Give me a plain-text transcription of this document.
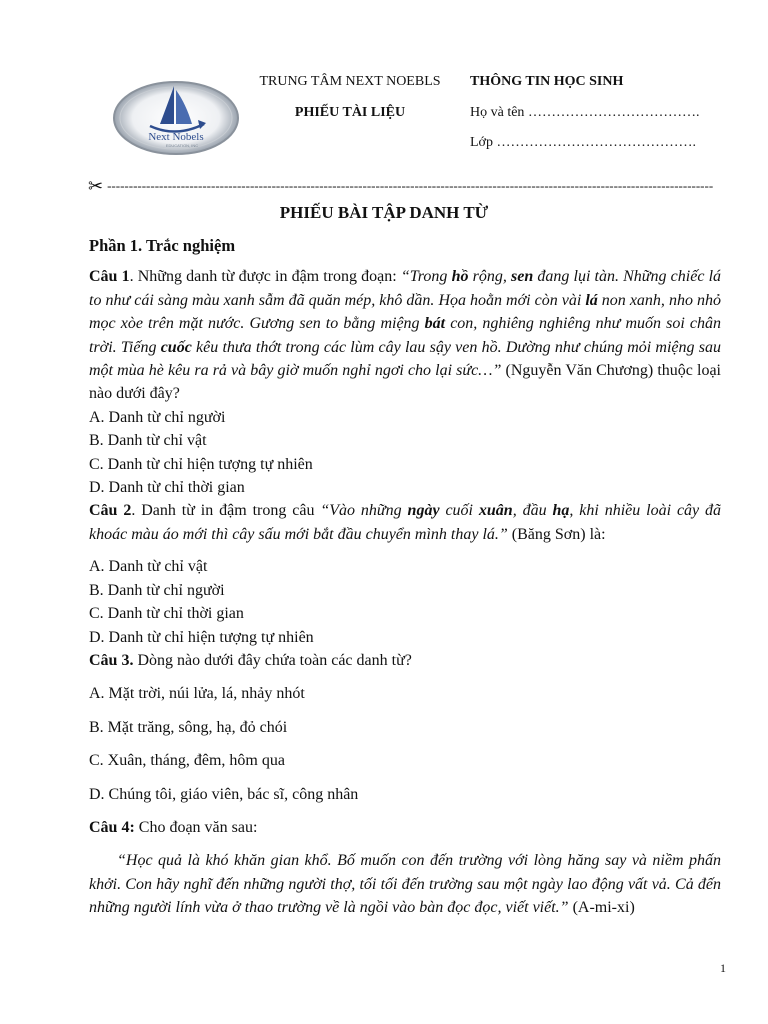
Next Nobels
EDUCATION, INC
TRUNG TÂM NEXT NOEBLS
PHIẾU TÀI LIỆU
THÔNG TIN HỌC SINH
Họ và tên ……………………………….
Lớp …………………………………….
✂ --------------------------------------------------------------------------------------------------------------------------------------------
PHIẾU BÀI TẬP DANH TỪ

Phần 1. Trắc nghiệm

Câu 1. Những danh từ được in đậm trong đoạn: “Trong hồ rộng, sen đang lụi tàn. Những chiếc lá to như cái sàng màu xanh sẫm đã quăn mép, khô dần. Họa hoằn mới còn vài lá non xanh, nho nhỏ mọc xòe trên mặt nước. Gương sen to bằng miệng bát con, nghiêng nghiêng như muốn soi chân trời. Tiếng cuốc kêu thưa thớt trong các lùm cây lau sậy ven hồ. Dường như chúng mỏi miệng sau một mùa hè kêu ra rả và bây giờ muốn nghỉ ngơi cho lại sức…” (Nguyễn Văn Chương) thuộc loại nào dưới đây?

A. Danh từ chỉ người

B. Danh từ chỉ vật

C. Danh từ chỉ hiện tượng tự nhiên

D. Danh từ chỉ thời gian

Câu 2. Danh từ in đậm trong câu “Vào những ngày cuối xuân, đầu hạ, khi nhiều loài cây đã khoác màu áo mới thì cây sấu mới bắt đầu chuyển mình thay lá.” (Băng Sơn) là:

A. Danh từ chỉ vật

B. Danh từ chỉ người

C. Danh từ chỉ thời gian

D. Danh từ chỉ hiện tượng tự nhiên

Câu 3. Dòng nào dưới đây chứa toàn các danh từ?

A. Mặt trời, núi lửa, lá, nhảy nhót

B. Mặt trăng, sông, hạ, đỏ chói

C. Xuân, tháng, đêm, hôm qua

D. Chúng tôi, giáo viên, bác sĩ, công nhân

Câu 4: Cho đoạn văn sau:

“Học quả là khó khăn gian khổ. Bố muốn con đến trường với lòng hăng say và niềm phấn khởi. Con hãy nghĩ đến những người thợ, tối tối đến trường sau một ngày lao động vất vả. Cả đến những người lính vừa ở thao trường về là ngồi vào bàn đọc đọc, viết viết.” (A-mi-xi)

1
